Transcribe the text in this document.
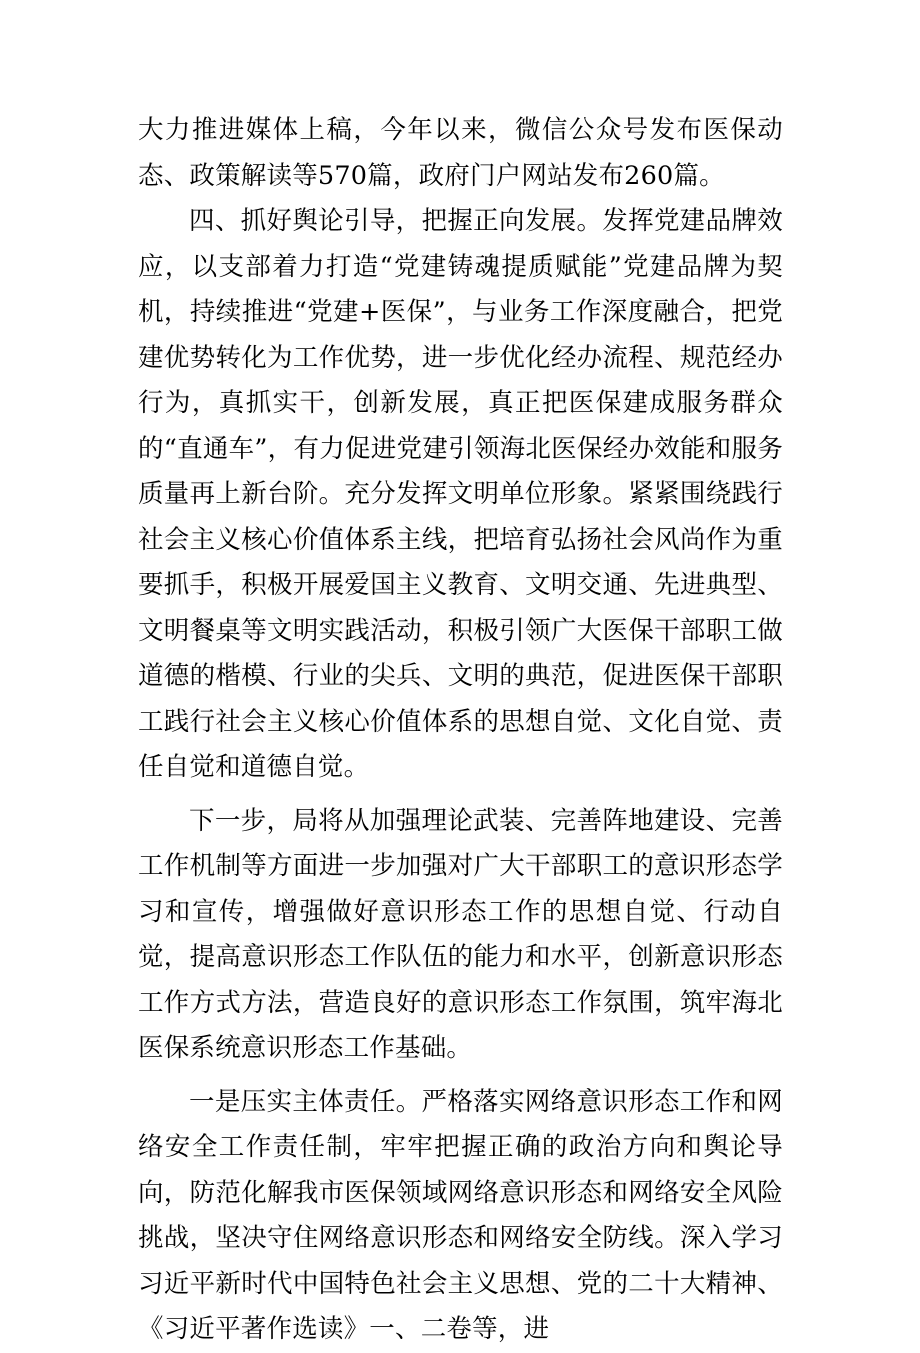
大力推进媒体上稿，今年以来，微信公众号发布医保动态、政策解读等570篇，政府门户网站发布260篇。

四、抓好舆论引导，把握正向发展。发挥党建品牌效应，以支部着力打造“党建铸魂提质赋能”党建品牌为契机，持续推进“党建+医保”，与业务工作深度融合，把党建优势转化为工作优势，进一步优化经办流程、规范经办行为，真抓实干，创新发展，真正把医保建成服务群众的“直通车”，有力促进党建引领海北医保经办效能和服务质量再上新台阶。充分发挥文明单位形象。紧紧围绕践行社会主义核心价值体系主线，把培育弘扬社会风尚作为重要抓手，积极开展爱国主义教育、文明交通、先进典型、文明餐桌等文明实践活动，积极引领广大医保干部职工做道德的楷模、行业的尖兵、文明的典范，促进医保干部职工践行社会主义核心价值体系的思想自觉、文化自觉、责任自觉和道德自觉。

下一步，局将从加强理论武装、完善阵地建设、完善工作机制等方面进一步加强对广大干部职工的意识形态学习和宣传，增强做好意识形态工作的思想自觉、行动自觉，提高意识形态工作队伍的能力和水平，创新意识形态工作方式方法，营造良好的意识形态工作氛围，筑牢海北医保系统意识形态工作基础。

一是压实主体责任。严格落实网络意识形态工作和网络安全工作责任制，牢牢把握正确的政治方向和舆论导向，防范化解我市医保领域网络意识形态和网络安全风险挑战，坚决守住网络意识形态和网络安全防线。深入学习习近平新时代中国特色社会主义思想、党的二十大精神、《习近平著作选读》一、二卷等，进
